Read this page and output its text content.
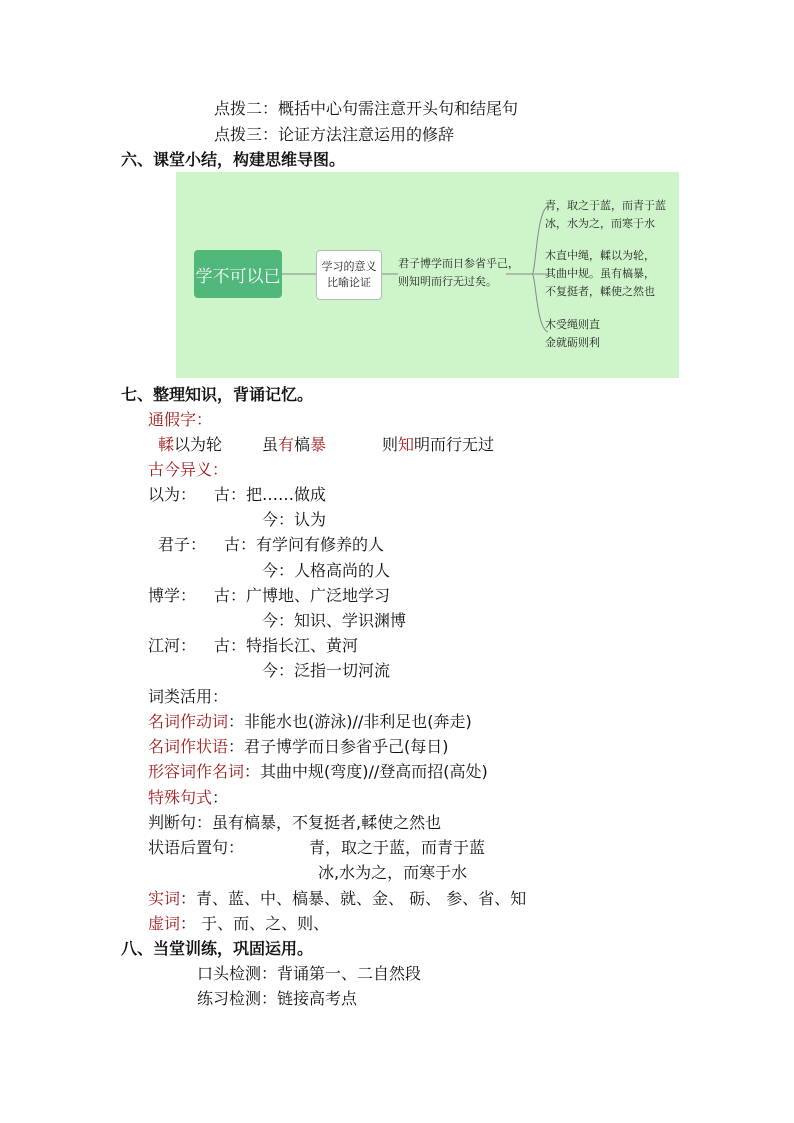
点拨二：概括中心句需注意开头句和结尾句
点拨三：论证方法注意运用的修辞
六、课堂小结，构建思维导图。
学不可以已	学习的意义
比喻论证
君子博学而日参省乎己，
则知明而行无过矣。
青，取之于蓝，而青于蓝
冰，水为之，而寒于水
木直中绳，輮以为轮，
其曲中规。虽有槁暴，
不复挺者，輮使之然也
木受绳则直
金就砺则利
七、整理知识，背诵记忆。
通假字：
輮以为轮 虽有槁暴	则知明而行无过
古今异义：
以为： 古：把……做成
今：认为
君子： 古：有学问有修养的人
今：人格高尚的人
博学： 古：广博地、广泛地学习
今：知识、学识渊博
江河： 古：特指长江、黄河
今：泛指一切河流
词类活用：
名词作动词：非能水也(游泳)//非利足也(奔走)
名词作状语：君子博学而日参省乎己(每日)
形容词作名词：其曲中规(弯度)//登高而招(高处)
特殊句式：
判断句：虽有槁暴，不复挺者,輮使之然也
状语后置句：	青，取之于蓝，而青于蓝
冰,水为之，而寒于水
实词：青、蓝、中、槁暴、就、金、 砺、 参、省、知
虚词： 于、而、之、则、
八、当堂训练，巩固运用。
口头检测：背诵第一、二自然段
练习检测：链接高考点
